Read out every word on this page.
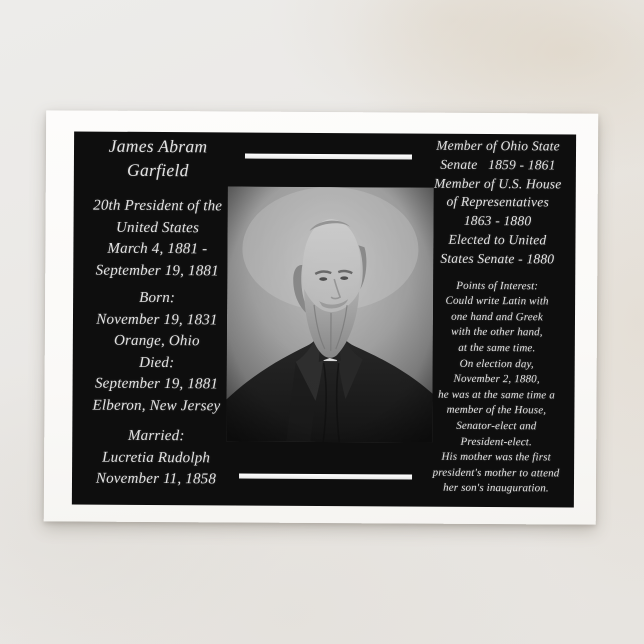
James Abram
Garfield
20th President of the
United States
March 4, 1881 -
September 19, 1881
Born:
November 19, 1831
Orange, Ohio
Died:
September 19, 1881
Elberon, New Jersey
Married:
Lucretia Rudolph
November 11, 1858
Member of Ohio State
Senate   1859 - 1861
Member of U.S. House
of Representatives
1863 - 1880
Elected to United
States Senate - 1880
Points of Interest:
Could write Latin with
one hand and Greek
with the other hand,
at the same time.
On election day,
November 2, 1880,
he was at the same time a
member of the House,
Senator-elect and
President-elect.
His mother was the first
president's mother to attend
her son's inauguration.
